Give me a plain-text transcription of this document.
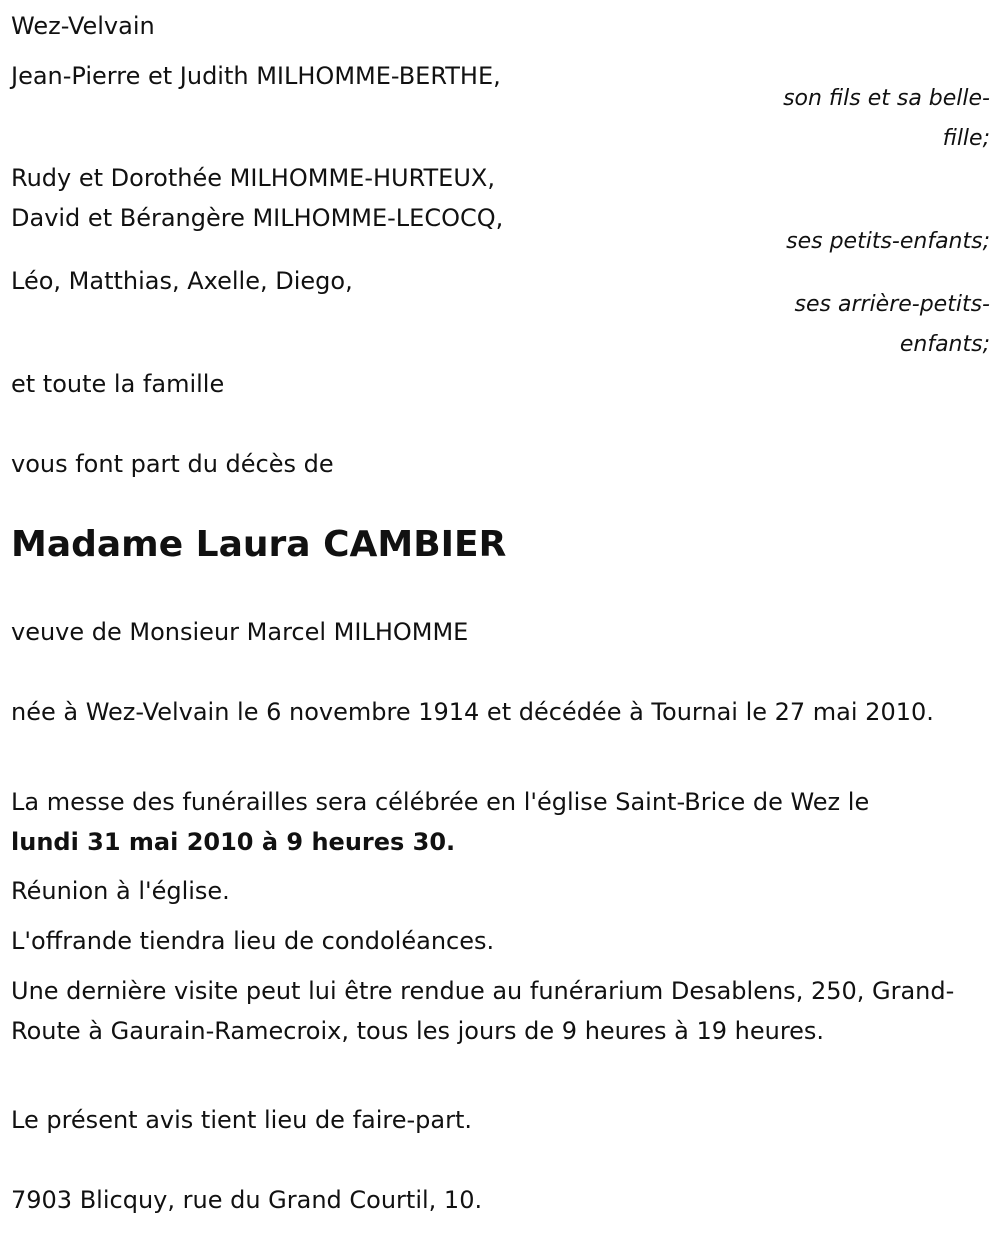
Wez-Velvain
Jean-Pierre et Judith MILHOMME-BERTHE,
son fils et sa belle-
fille;
Rudy et Dorothée MILHOMME-HURTEUX,
David et Bérangère MILHOMME-LECOCQ,
ses petits-enfants;
Léo, Matthias, Axelle, Diego,
ses arrière-petits-
enfants;
et toute la famille
vous font part du décès de
Madame Laura CAMBIER
veuve de Monsieur Marcel MILHOMME
née à Wez-Velvain le 6 novembre 1914 et décédée à Tournai le 27 mai 2010.
La messe des funérailles sera célébrée en l'église Saint-Brice de Wez le
lundi 31 mai 2010 à 9 heures 30.
Réunion à l'église.
L'offrande tiendra lieu de condoléances.
Une dernière visite peut lui être rendue au funérarium Desablens, 250, Grand-Route à Gaurain-Ramecroix, tous les jours de 9 heures à 19 heures.
Le présent avis tient lieu de faire-part.
7903 Blicquy, rue du Grand Courtil, 10.
